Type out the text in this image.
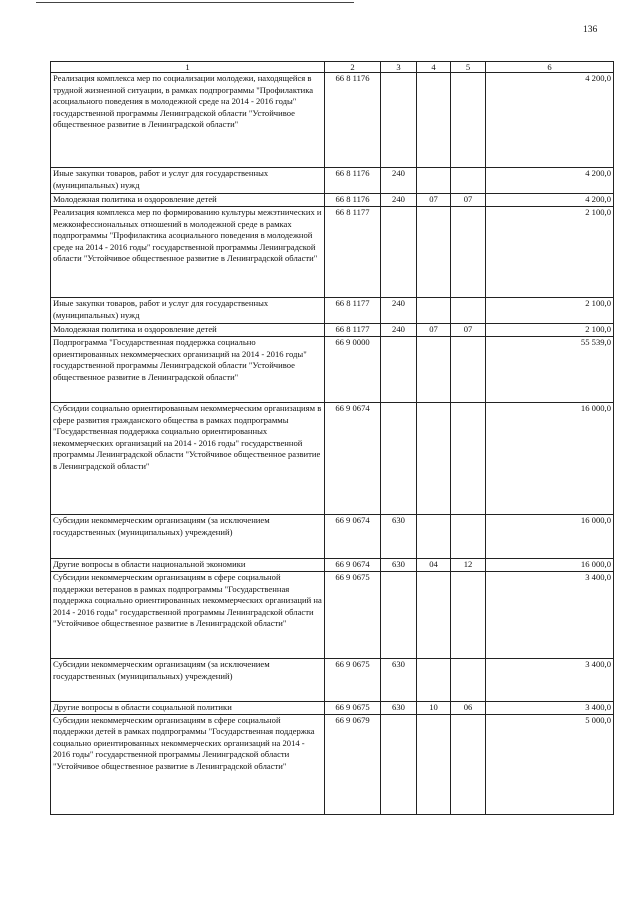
136
1	2	3	4	5	6
Реализация комплекса мер по социализации молодежи, находящейся в трудной жизненной ситуации, в рамках подпрограммы "Профилактика асоциального поведения в молодежной среде на 2014 - 2016 годы" государственной программы Ленинградской области "Устойчивое общественное развитие в Ленинградской области"	66 8 1176				4 200,0
Иные закупки товаров, работ и услуг для государственных (муниципальных) нужд	66 8 1176	240			4 200,0
Молодежная политика и оздоровление детей	66 8 1176	240	07	07	4 200,0
Реализация комплекса мер по формированию культуры межэтнических и межконфессиональных отношений в молодежной среде в рамках подпрограммы "Профилактика асоциального поведения в молодежной среде на 2014 - 2016 годы" государственной программы Ленинградской области "Устойчивое общественное развитие в Ленинградской области"	66 8 1177				2 100,0
Иные закупки товаров, работ и услуг для государственных (муниципальных) нужд	66 8 1177	240			2 100,0
Молодежная политика и оздоровление детей	66 8 1177	240	07	07	2 100,0
Подпрограмма "Государственная поддержка социально ориентированных некоммерческих организаций на 2014 - 2016 годы" государственной программы Ленинградской области "Устойчивое общественное развитие в Ленинградской области"	66 9 0000				55 539,0
Субсидии социально ориентированным некоммерческим организациям в сфере развития гражданского общества в рамках подпрограммы "Государственная поддержка социально ориентированных некоммерческих организаций на 2014 - 2016 годы" государственной программы Ленинградской области "Устойчивое общественное развитие в Ленинградской области"	66 9 0674				16 000,0
Субсидии некоммерческим организациям (за исключением государственных (муниципальных) учреждений)	66 9 0674	630			16 000,0
Другие вопросы в области национальной экономики	66 9 0674	630	04	12	16 000,0
Субсидии некоммерческим организациям в сфере социальной поддержки ветеранов в рамках подпрограммы "Государственная поддержка социально ориентированных некоммерческих организаций на 2014 - 2016 годы" государственной программы Ленинградской области "Устойчивое общественное развитие в Ленинградской области"	66 9 0675				3 400,0
Субсидии некоммерческим организациям (за исключением государственных (муниципальных) учреждений)	66 9 0675	630			3 400,0
Другие вопросы в области социальной политики	66 9 0675	630	10	06	3 400,0
Субсидии некоммерческим организациям в сфере социальной поддержки детей в рамках подпрограммы "Государственная поддержка социально ориентированных некоммерческих организаций на 2014 - 2016 годы" государственной программы Ленинградской области "Устойчивое общественное развитие в Ленинградской области"	66 9 0679				5 000,0
